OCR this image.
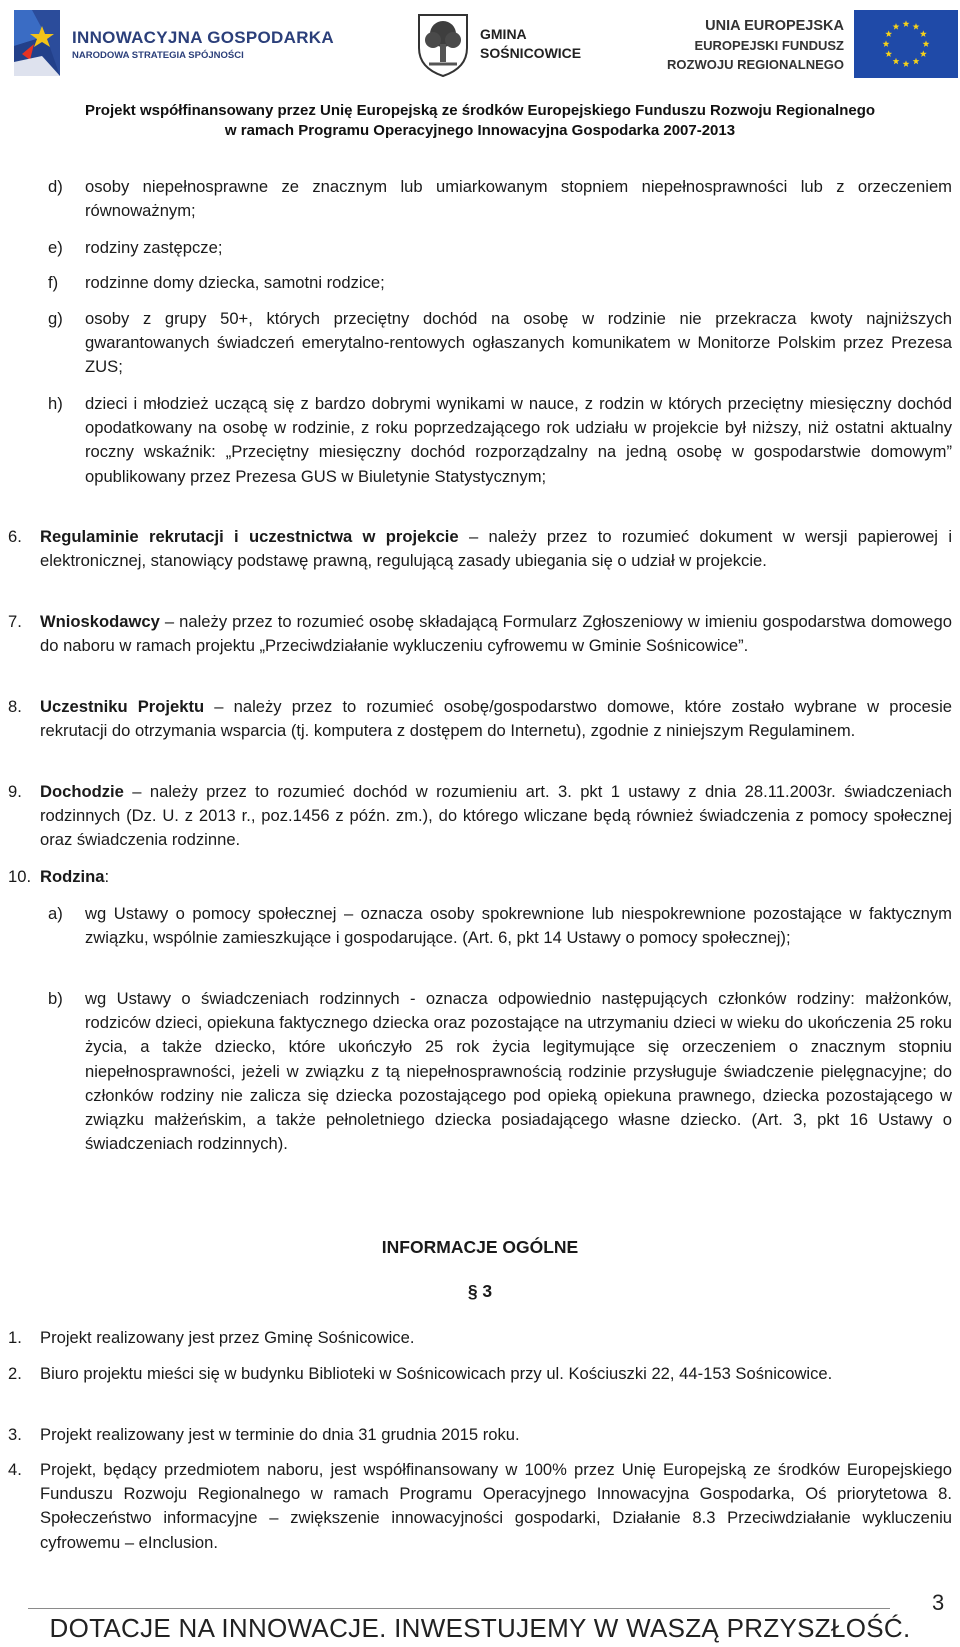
INNOWACYJNA GOSPODARKA
NARODOWA STRATEGIA SPÓJNOŚCI
GMINA
SOŚNICOWICE
UNIA EUROPEJSKA
EUROPEJSKI FUNDUSZ
ROZWOJU REGIONALNEGO
Projekt współfinansowany przez Unię Europejską ze środków Europejskiego Funduszu Rozwoju Regionalnego
w ramach Programu Operacyjnego Innowacyjna Gospodarka 2007-2013
d) osoby niepełnosprawne ze znacznym lub umiarkowanym stopniem niepełnosprawności lub z orzeczeniem równoważnym;
e) rodziny zastępcze;
f) rodzinne domy dziecka, samotni rodzice;
g) osoby z grupy 50+, których przeciętny dochód na osobę w rodzinie nie przekracza kwoty najniższych gwarantowanych świadczeń emerytalno-rentowych ogłaszanych komunikatem w Monitorze Polskim przez Prezesa ZUS;
h) dzieci i młodzież uczącą się z bardzo dobrymi wynikami w nauce, z rodzin w których przeciętny miesięczny dochód opodatkowany na osobę w rodzinie, z roku poprzedzającego rok udziału w projekcie był niższy, niż ostatni aktualny roczny wskaźnik: „Przeciętny miesięczny dochód rozporządzalny na jedną osobę w gospodarstwie domowym” opublikowany przez Prezesa GUS w Biuletynie Statystycznym;
6. Regulaminie rekrutacji i uczestnictwa w projekcie – należy przez to rozumieć dokument w wersji papierowej i elektronicznej, stanowiący podstawę prawną, regulującą zasady ubiegania się o udział w projekcie.
7. Wnioskodawcy – należy przez to rozumieć osobę składającą Formularz Zgłoszeniowy w imieniu gospodarstwa domowego do naboru w ramach projektu „Przeciwdziałanie wykluczeniu cyfrowemu w Gminie Sośnicowice”.
8. Uczestniku Projektu – należy przez to rozumieć osobę/gospodarstwo domowe, które zostało wybrane w procesie rekrutacji do otrzymania wsparcia (tj. komputera z dostępem do Internetu), zgodnie z niniejszym Regulaminem.
9. Dochodzie – należy przez to rozumieć dochód w rozumieniu art. 3. pkt 1 ustawy z dnia 28.11.2003r. świadczeniach rodzinnych (Dz. U. z 2013 r., poz.1456 z późn. zm.), do którego wliczane będą również świadczenia z pomocy społecznej oraz świadczenia rodzinne.
10. Rodzina:
a) wg Ustawy o pomocy społecznej – oznacza osoby spokrewnione lub niespokrewnione pozostające w faktycznym związku, wspólnie zamieszkujące i gospodarujące. (Art. 6, pkt 14 Ustawy o pomocy społecznej);
b) wg Ustawy o świadczeniach rodzinnych - oznacza odpowiednio następujących członków rodziny: małżonków, rodziców dzieci, opiekuna faktycznego dziecka oraz pozostające na utrzymaniu dzieci w wieku do ukończenia 25 roku życia, a także dziecko, które ukończyło 25 rok życia legitymujące się orzeczeniem o znacznym stopniu niepełnosprawności, jeżeli w związku z tą niepełnosprawnością rodzinie przysługuje świadczenie pielęgnacyjne; do członków rodziny nie zalicza się dziecka pozostającego pod opieką opiekuna prawnego, dziecka pozostającego w związku małżeńskim, a także pełnoletniego dziecka posiadającego własne dziecko. (Art. 3, pkt 16 Ustawy o świadczeniach rodzinnych).
INFORMACJE OGÓLNE
§ 3
1. Projekt realizowany jest przez Gminę Sośnicowice.
2. Biuro projektu mieści się w budynku Biblioteki w Sośnicowicach przy ul. Kościuszki 22, 44-153 Sośnicowice.
3. Projekt realizowany jest w terminie do dnia 31 grudnia 2015 roku.
4. Projekt, będący przedmiotem naboru, jest współfinansowany w 100% przez Unię Europejską ze środków Europejskiego Funduszu Rozwoju Regionalnego w ramach Programu Operacyjnego Innowacyjna Gospodarka, Oś priorytetowa 8. Społeczeństwo informacyjne – zwiększenie innowacyjności gospodarki, Działanie 8.3 Przeciwdziałanie wykluczeniu cyfrowemu – eInclusion.
3
DOTACJE NA INNOWACJE. INWESTUJEMY W WASZĄ PRZYSZŁOŚĆ.
